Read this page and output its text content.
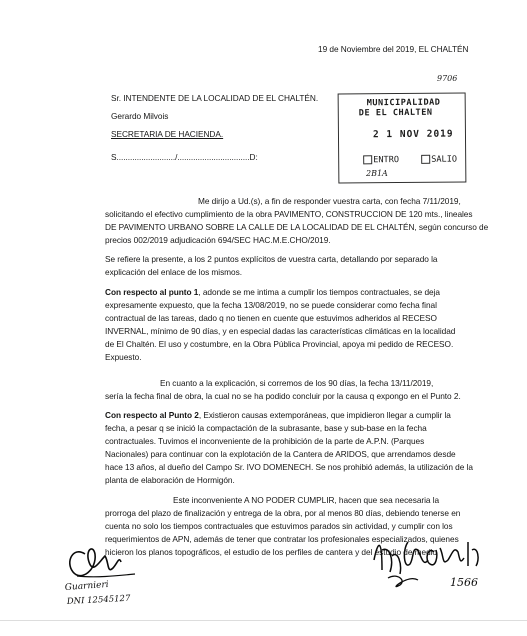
19 de Noviembre del 2019, EL CHALTÉN
9706
Sr. INTENDENTE DE LA LOCALIDAD DE EL CHALTÉN.
Gerardo Milvois
SECRETARIA DE HACIENDA.
S........................../................................D:
MUNICIPALIDAD
DE EL CHALTEN
2 1 NOV 2019
ENTRO	SALIO
2B1A
Me dirijo a Ud.(s), a fin de responder vuestra carta, con fecha 7/11/2019,
solicitando el efectivo cumplimiento de la obra PAVIMENTO, CONSTRUCCION DE 120 mts., lineales
DE PAVIMENTO URBANO SOBRE LA CALLE DE LA LOCALIDAD DE EL CHALTÉN, según concurso de
precios 002/2019 adjudicación 694/SEC HAC.M.E.CHO/2019.
Se refiere la presente, a los 2 puntos explícitos de vuestra carta, detallando por separado la
explicación del enlace de los mismos.
Con respecto al punto 1, adonde se me intima a cumplir los tiempos contractuales, se deja
expresamente expuesto, que la fecha 13/08/2019, no se puede considerar como fecha final
contractual de las tareas, dado q no tienen en cuente que estuvimos adheridos al RECESO
INVERNAL, mínimo de 90 días, y en especial dadas las características climáticas en la localidad
de El Chaltén. El uso y costumbre, en la Obra Pública Provincial, apoya mi pedido de RECESO.
Expuesto.
En cuanto a la explicación, si corremos de los 90 días, la fecha 13/11/2019,
sería la fecha final de obra, la cual no se ha podido concluir por la causa q expongo en el Punto 2.
Con respecto al Punto 2, Existieron causas extemporáneas, que impidieron llegar a cumplir la
fecha, a pesar q se inició la compactación de la subrasante, base y sub-base en la fecha
contractuales. Tuvimos el inconveniente de la prohibición de la parte de A.P.N. (Parques
Nacionales) para continuar con la explotación de la Cantera de ARIDOS, que arrendamos desde
hace 13 años, al dueño del Campo Sr. IVO DOMENECH. Se nos prohibió además, la utilización de la
planta de elaboración de Hormigón.
Este inconveniente A NO PODER CUMPLIR, hacen que sea necesaria la
prorroga del plazo de finalización y entrega de la obra, por al menos 80 días, debiendo tenerse en
cuenta no solo los tiempos contractuales que estuvimos parados sin actividad, y cumplir con los
requerimientos de APN, además de tener que contratar los profesionales especializados, quienes
hicieron los planos topográficos, el estudio de los perfiles de cantera y del estudio de medio
Guarnieri
DNI 12545127
1566
